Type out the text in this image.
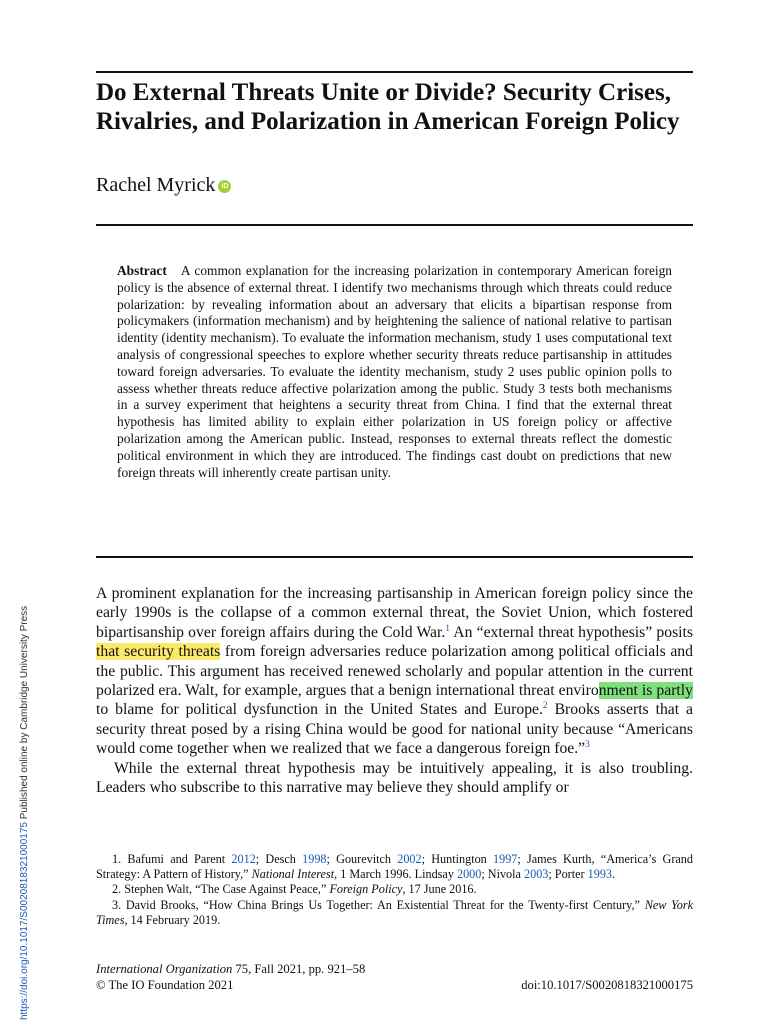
Do External Threats Unite or Divide? Security Crises, Rivalries, and Polarization in American Foreign Policy
Rachel Myrick iD
Abstract A common explanation for the increasing polarization in contemporary American foreign policy is the absence of external threat. I identify two mechanisms through which threats could reduce polarization: by revealing information about an adversary that elicits a bipartisan response from policymakers (information mechanism) and by heightening the salience of national relative to partisan identity (identity mechanism). To evaluate the information mechanism, study 1 uses computational text analysis of congressional speeches to explore whether security threats reduce partisanship in attitudes toward foreign adversaries. To evaluate the identity mechanism, study 2 uses public opinion polls to assess whether threats reduce affective polarization among the public. Study 3 tests both mechanisms in a survey experiment that heightens a security threat from China. I find that the external threat hypothesis has limited ability to explain either polarization in US foreign policy or affective polarization among the American public. Instead, responses to external threats reflect the domestic political environment in which they are introduced. The findings cast doubt on predictions that new foreign threats will inherently create partisan unity.

A prominent explanation for the increasing partisanship in American foreign policy since the early 1990s is the collapse of a common external threat, the Soviet Union, which fostered bipartisanship over foreign affairs during the Cold War.$^1$ An “external threat hypothesis” posits that security threats from foreign adversaries reduce polarization among political officials and the public. This argument has received renewed scholarly and popular attention in the current polarized era. Walt, for example, argues that a benign international threat environment is partly to blame for political dysfunction in the United States and Europe.$^2$ Brooks asserts that a security threat posed by a rising China would be good for national unity because “Americans would come together when we realized that we face a dangerous foreign foe.”$^3$

While the external threat hypothesis may be intuitively appealing, it is also troubling. Leaders who subscribe to this narrative may believe they should amplify or

1. Bafumi and Parent 2012; Desch 1998; Gourevitch 2002; Huntington 1997; James Kurth, “America’s Grand Strategy: A Pattern of History,” National Interest, 1 March 1996. Lindsay 2000; Nivola 2003; Porter 1993.

2. Stephen Walt, “The Case Against Peace,” Foreign Policy, 17 June 2016.

3. David Brooks, “How China Brings Us Together: An Existential Threat for the Twenty-first Century,” New York Times, 14 February 2019.

International Organization 75, Fall 2021, pp. 921–58
© The IO Foundation 2021	doi:10.1017/S0020818321000175
https://doi.org/10.1017/S0020818321000175 Published online by Cambridge University Press
